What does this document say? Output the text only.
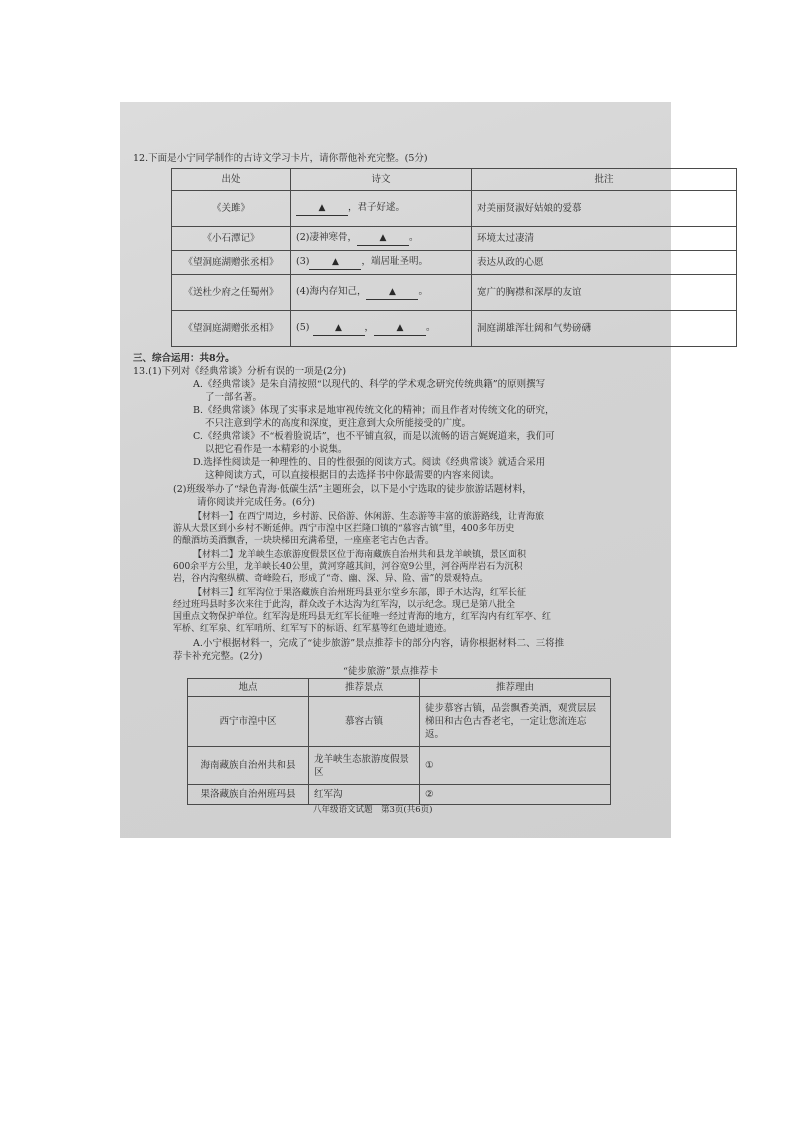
12.下面是小宁同学制作的古诗文学习卡片，请你帮他补充完整。(5分)
出处	诗文	批注
《关雎》	▲ ，君子好逑。	对美丽贤淑好姑娘的爱慕
《小石潭记》	(2)凄神寒骨， ▲ 。	环境太过凄清
《望洞庭湖赠张丞相》	(3) ▲ ，端居耻圣明。	表达从政的心愿
《送杜少府之任蜀州》	(4)海内存知己， ▲ 。	宽广的胸襟和深厚的友谊
《望洞庭湖赠张丞相》	(5) ▲ ， ▲ 。	洞庭湖雄浑壮阔和气势磅礴
三、综合运用：共8分。
13.(1)下列对《经典常谈》分析有误的一项是(2分)
A.《经典常谈》是朱自清按照“以现代的、科学的学术观念研究传统典籍”的原则撰写
了一部名著。
B.《经典常谈》体现了实事求是地审视传统文化的精神；而且作者对传统文化的研究，
不只注意到学术的高度和深度，更注意到大众所能接受的广度。
C.《经典常谈》不“板着脸说话”，也不平铺直叙，而是以流畅的语言娓娓道来，我们可
以把它看作是一本精彩的小说集。
D.选择性阅读是一种理性的、目的性很强的阅读方式。阅读《经典常谈》就适合采用
这种阅读方式，可以直接根据目的去选择书中你最需要的内容来阅读。
(2)班级举办了“绿色青海·低碳生活”主题班会，以下是小宁选取的徒步旅游话题材料，
请你阅读并完成任务。(6分)
【材料一】在西宁周边，乡村游、民俗游、休闲游、生态游等丰富的旅游路线，让青海旅
游从大景区到小乡村不断延伸。西宁市湟中区拦隆口镇的“慕容古镇”里，400多年历史
的酿酒坊美酒飘香，一块块梯田充满希望，一座座老宅古色古香。
【材料二】龙羊峡生态旅游度假景区位于海南藏族自治州共和县龙羊峡镇，景区面积
600余平方公里，龙羊峡长40公里，黄河穿越其间，河谷宽9公里，河谷两岸岩石为沉积
岩，谷内沟壑纵横、奇峰险石，形成了“奇、幽、深、异、险、雷”的景观特点。
【材料三】红军沟位于果洛藏族自治州班玛县亚尔堂乡东部，即子木达沟，红军长征
经过班玛县时多次来往于此沟，群众改子木达沟为红军沟，以示纪念。现已是第八批全
国重点文物保护单位。红军沟是班玛县无红军长征唯一经过青海的地方，红军沟内有红军亭、红
军桥、红军泉、红军哨所、红军写下的标语、红军墓等红色遗址遗迹。
A.小宁根据材料一，完成了“徒步旅游”景点推荐卡的部分内容，请你根据材料二、三将推
荐卡补充完整。(2分)
“徒步旅游”景点推荐卡
地点	推荐景点	推荐理由
西宁市湟中区	慕容古镇	徒步慕容古镇，品尝飘香美酒，观赏层层梯田和古色古香老宅，一定让您流连忘返。
海南藏族自治州共和县	龙羊峡生态旅游度假景区	①
果洛藏族自治州班玛县	红军沟	②
八年级语文试题　第3页(共6页)
